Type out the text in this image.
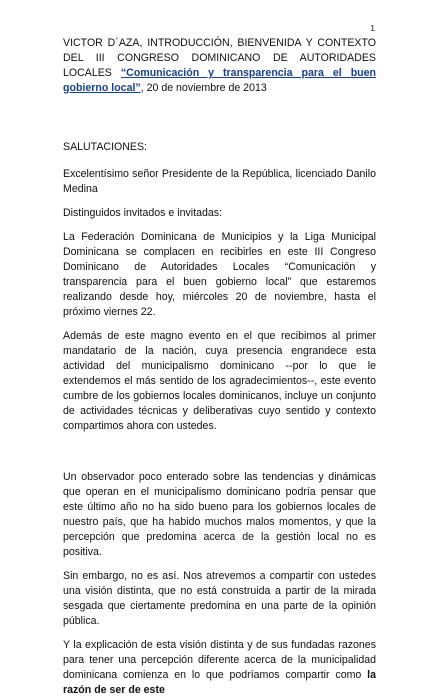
1

VICTOR D´AZA, INTRODUCCIÓN, BIENVENIDA Y CONTEXTO DEL III CONGRESO DOMINICANO DE AUTORIDADES LOCALES “Comunicación y transparencia para el buen gobierno local”, 20 de noviembre de 2013

SALUTACIONES:

Excelentísimo señor Presidente de la República, licenciado Danilo Medina

Distinguidos invitados e invitadas:

La Federación Dominicana de Municipios y la Liga Municipal Dominicana se complacen en recibirles en este III Congreso Dominicano de Autoridades Locales “Comunicación y transparencia para el buen gobierno local” que estaremos realizando desde hoy, miércoles 20 de noviembre, hasta el próximo viernes 22.

Además de este magno evento en el que recibimos al primer mandatario de la nación, cuya presencia engrandece esta actividad del municipalismo dominicano --por lo que le extendemos el más sentido de los agradecimientos--, este evento cumbre de los gobiernos locales dominicanos, incluye un conjunto de actividades técnicas y deliberativas cuyo sentido y contexto compartimos ahora con ustedes.

Un observador poco enterado sobre las tendencias y dinámicas que operan en el municipalismo dominicano podría pensar que este último año no ha sido bueno para los gobiernos locales de nuestro país, que ha habido muchos malos momentos, y que la percepción que predomina acerca de la gestión local no es positiva.

Sin embargo, no es así. Nos atrevemos a compartir con ustedes una visión distinta, que no está construida a partir de la mirada sesgada que ciertamente predomina en una parte de la opinión pública.

Y la explicación de esta visión distinta y de sus fundadas razones para tener una percepción diferente acerca de la municipalidad dominicana comienza en lo que podríamos compartir como la razón de ser de este
